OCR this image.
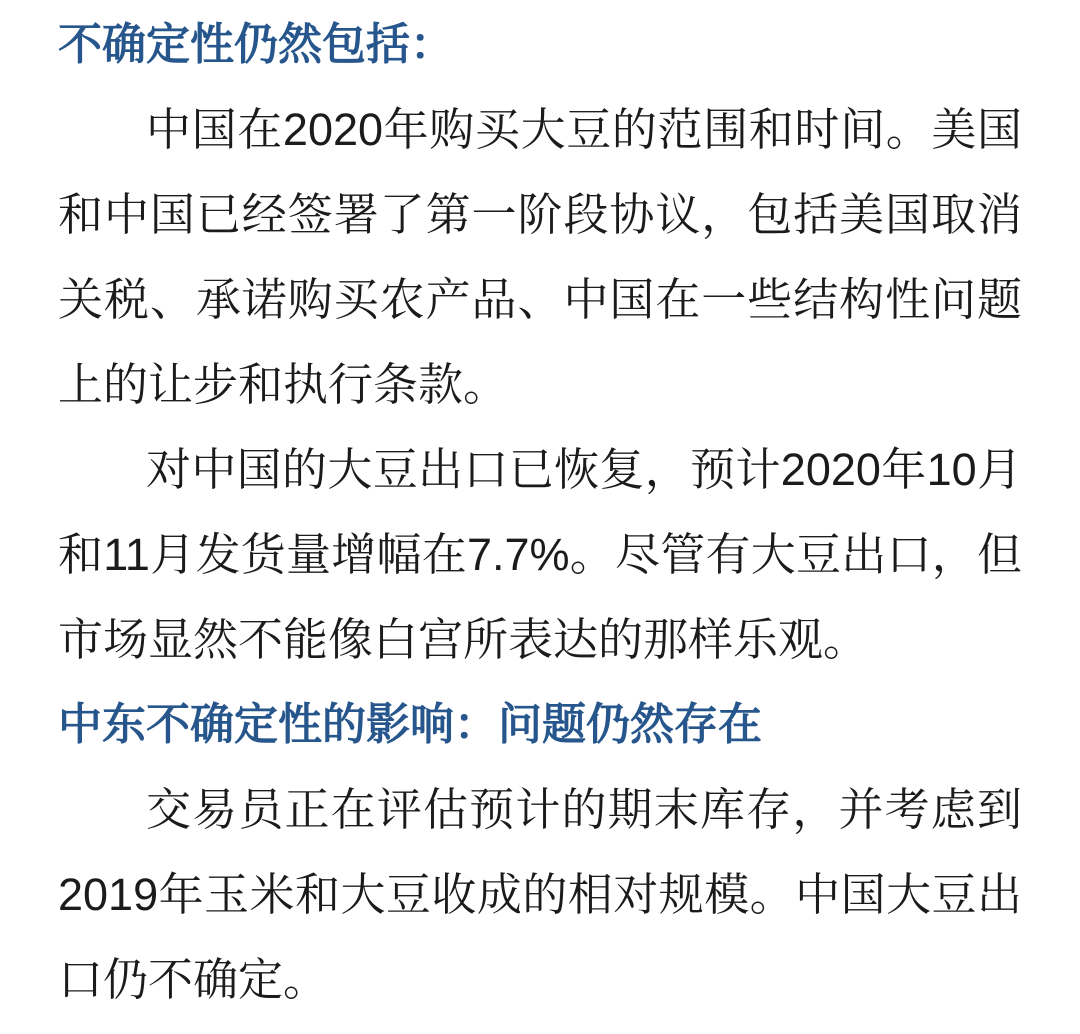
不确定性仍然包括：
中国在2020年购买大豆的范围和时间。美国
和中国已经签署了第一阶段协议，包括美国取消
关税、承诺购买农产品、中国在一些结构性问题
上的让步和执行条款。
对中国的大豆出口已恢复，预计2020年10月
和11月发货量增幅在7.7%。尽管有大豆出口，但
市场显然不能像白宫所表达的那样乐观。
中东不确定性的影响：问题仍然存在
交易员正在评估预计的期末库存，并考虑到
2019年玉米和大豆收成的相对规模。中国大豆出
口仍不确定。
